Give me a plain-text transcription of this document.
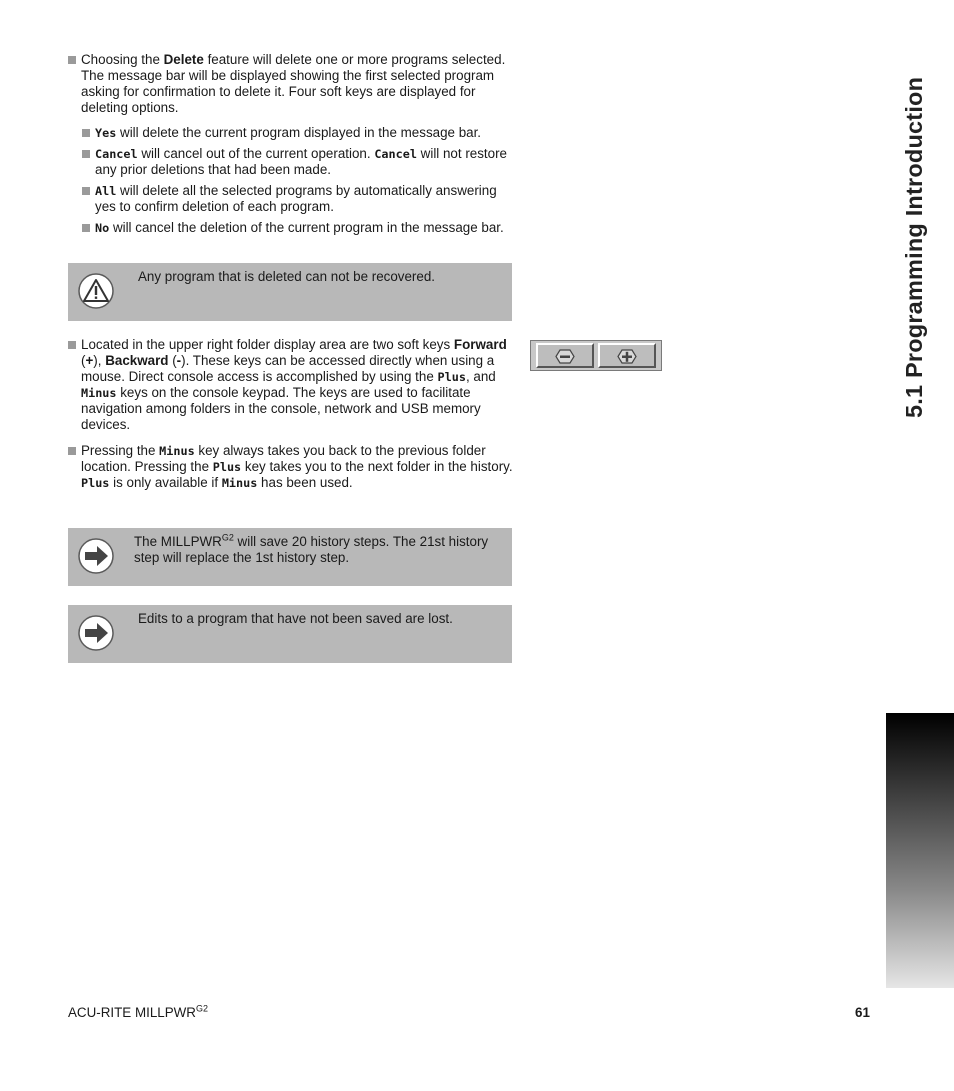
Choosing the Delete feature will delete one or more programs selected. The message bar will be displayed showing the first selected program asking for confirmation to delete it. Four soft keys are displayed for deleting options.
Yes will delete the current program displayed in the message bar.
Cancel will cancel out of the current operation. Cancel will not restore any prior deletions that had been made.
All will delete all the selected programs by automatically answering yes to confirm deletion of each program.
No will cancel the deletion of the current program in the message bar.
Any program that is deleted can not be recovered.
Located in the upper right folder display area are two soft keys Forward (+), Backward (-). These keys can be accessed directly when using a mouse. Direct console access is accomplished by using the Plus, and Minus keys on the console keypad. The keys are used to facilitate navigation among folders in the console, network and USB memory devices.
Pressing the Minus key always takes you back to the previous folder location. Pressing the Plus key takes you to the next folder in the history. Plus is only available if Minus has been used.
The $MILLPWR^{G2}$ will save 20 history steps. The 21st history step will replace the 1st history step.
Edits to a program that have not been saved are lost.
5.1 Programming Introduction
ACU-RITE $MILLPWR^{G2}$	61
